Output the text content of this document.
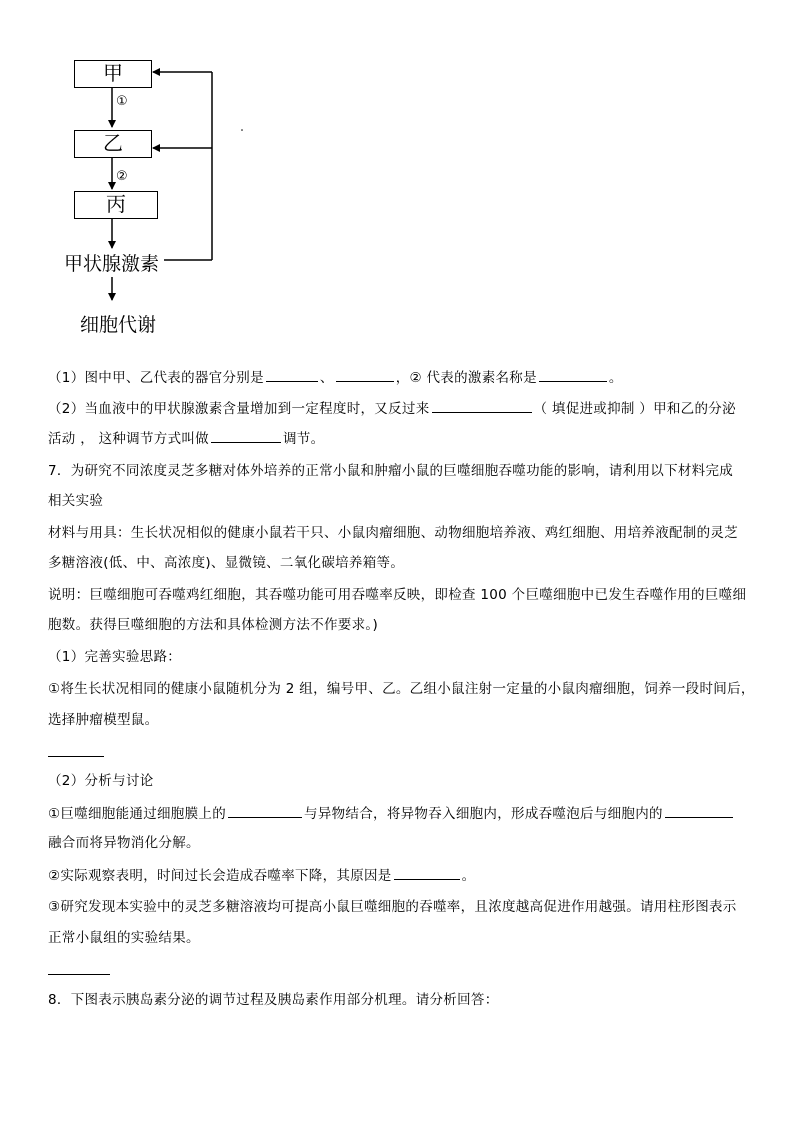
甲
乙
丙
①
②
甲状腺激素
细胞代谢
（1）图中甲、乙代表的器官分别是	、	，② 代表的激素名称是	。
（2）当血液中的甲状腺激素含量增加到一定程度时，又反过来	（ 填促进或抑制 ）甲和乙的分泌
活动 ， 这种调节方式叫做	调节。
7．为研究不同浓度灵芝多糖对体外培养的正常小鼠和肿瘤小鼠的巨噬细胞吞噬功能的影响，请利用以下材料完成
相关实验
材料与用具：生长状况相似的健康小鼠若干只、小鼠肉瘤细胞、动物细胞培养液、鸡红细胞、用培养液配制的灵芝
多糖溶液(低、中、高浓度)、显微镜、二氧化碳培养箱等。
说明：巨噬细胞可吞噬鸡红细胞，其吞噬功能可用吞噬率反映，即检查 100 个巨噬细胞中已发生吞噬作用的巨噬细
胞数。获得巨噬细胞的方法和具体检测方法不作要求。)
（1）完善实验思路：
①将生长状况相同的健康小鼠随机分为 2 组，编号甲、乙。乙组小鼠注射一定量的小鼠肉瘤细胞，饲养一段时间后，
选择肿瘤模型鼠。
（2）分析与讨论
①巨噬细胞能通过细胞膜上的	与异物结合，将异物吞入细胞内，形成吞噬泡后与细胞内的
融合而将异物消化分解。
②实际观察表明，时间过长会造成吞噬率下降，其原因是	。
③研究发现本实验中的灵芝多糖溶液均可提高小鼠巨噬细胞的吞噬率，且浓度越高促进作用越强。请用柱形图表示
正常小鼠组的实验结果。
8．下图表示胰岛素分泌的调节过程及胰岛素作用部分机理。请分析回答：
